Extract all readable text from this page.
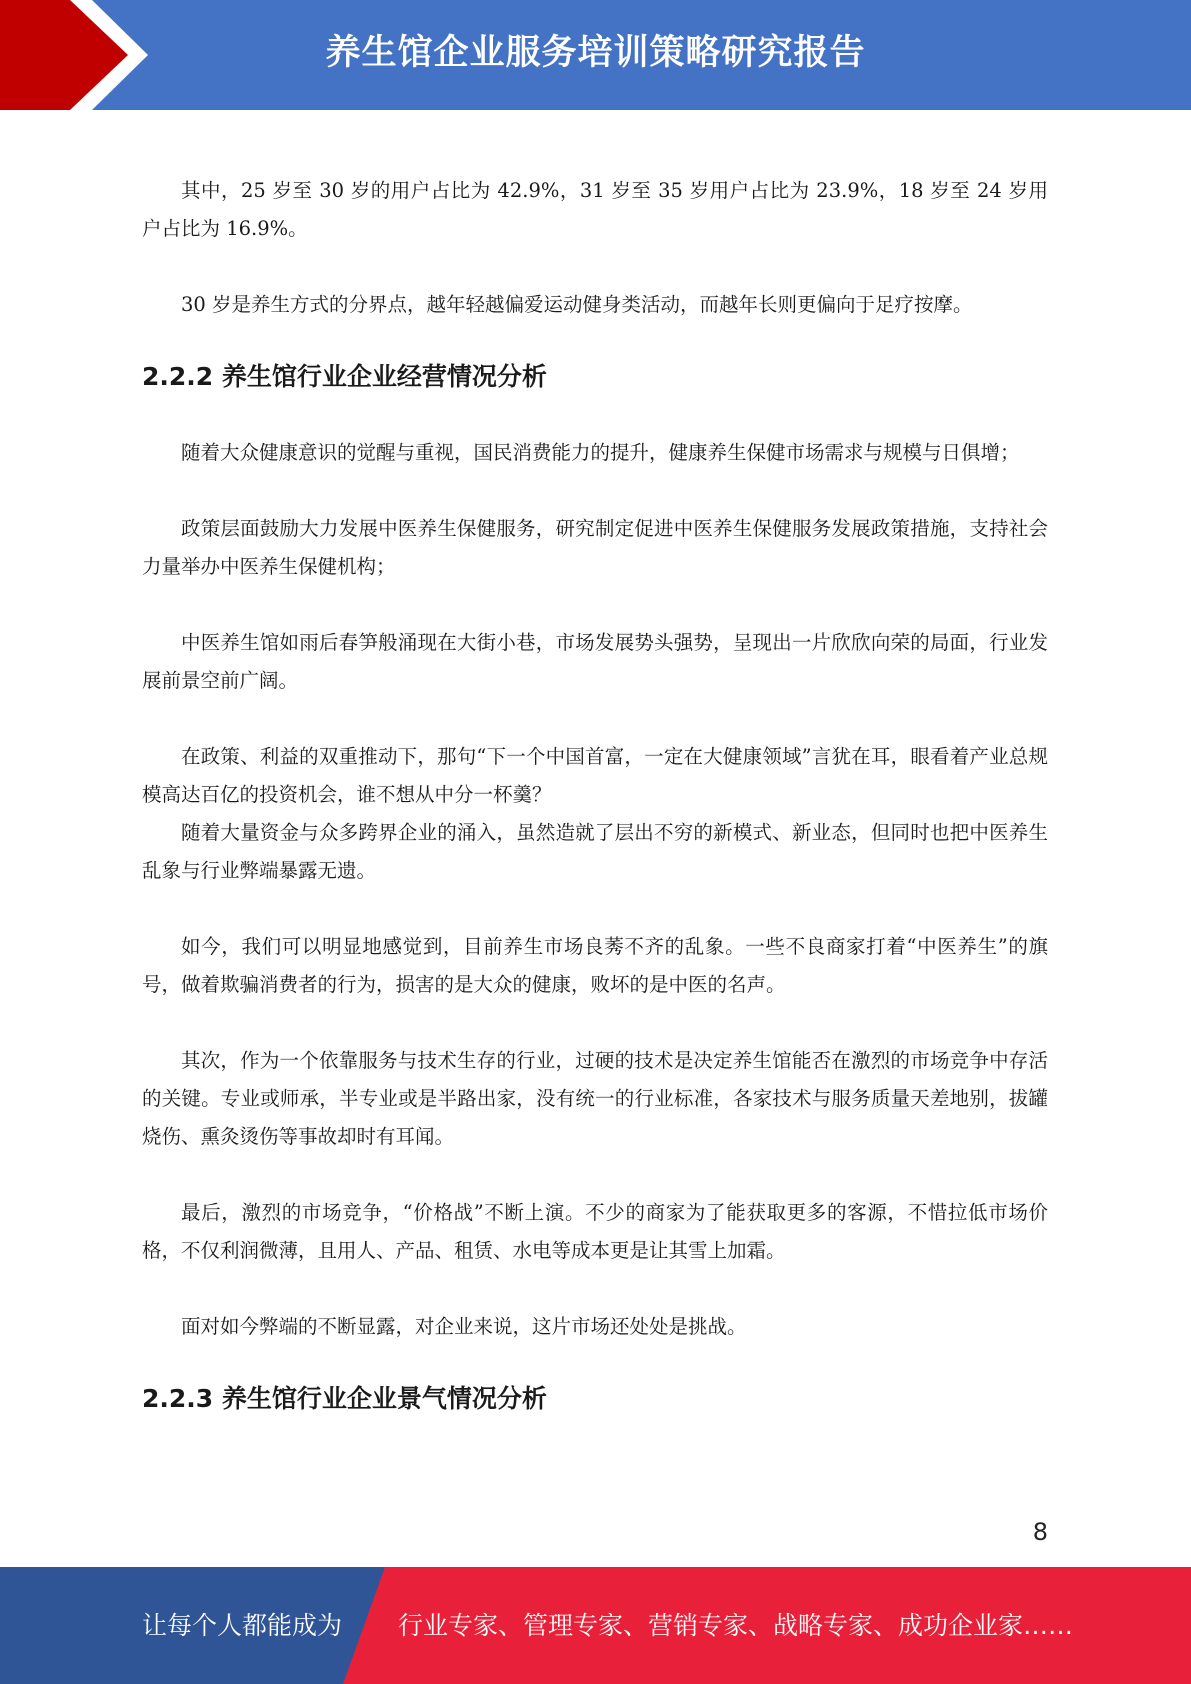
养生馆企业服务培训策略研究报告

其中，25 岁至 30 岁的用户占比为 42.9%，31 岁至 35 岁用户占比为 23.9%，18 岁至 24 岁用户占比为 16.9%。

30 岁是养生方式的分界点，越年轻越偏爱运动健身类活动，而越年长则更偏向于足疗按摩。

2.2.2 养生馆行业企业经营情况分析

随着大众健康意识的觉醒与重视，国民消费能力的提升，健康养生保健市场需求与规模与日俱增；

政策层面鼓励大力发展中医养生保健服务，研究制定促进中医养生保健服务发展政策措施，支持社会力量举办中医养生保健机构；

中医养生馆如雨后春笋般涌现在大街小巷，市场发展势头强势，呈现出一片欣欣向荣的局面，行业发展前景空前广阔。

在政策、利益的双重推动下，那句“下一个中国首富，一定在大健康领域”言犹在耳，眼看着产业总规模高达百亿的投资机会，谁不想从中分一杯羹？

随着大量资金与众多跨界企业的涌入，虽然造就了层出不穷的新模式、新业态，但同时也把中医养生乱象与行业弊端暴露无遗。

如今，我们可以明显地感觉到，目前养生市场良莠不齐的乱象。一些不良商家打着“中医养生”的旗号，做着欺骗消费者的行为，损害的是大众的健康，败坏的是中医的名声。

其次，作为一个依靠服务与技术生存的行业，过硬的技术是决定养生馆能否在激烈的市场竞争中存活的关键。专业或师承，半专业或是半路出家，没有统一的行业标准，各家技术与服务质量天差地别，拔罐烧伤、熏灸烫伤等事故却时有耳闻。

最后，激烈的市场竞争，“价格战”不断上演。不少的商家为了能获取更多的客源，不惜拉低市场价格，不仅利润微薄，且用人、产品、租赁、水电等成本更是让其雪上加霜。

面对如今弊端的不断显露，对企业来说，这片市场还处处是挑战。

2.2.3 养生馆行业企业景气情况分析
8
让每个人都能成为 行业专家、管理专家、营销专家、战略专家、成功企业家……
